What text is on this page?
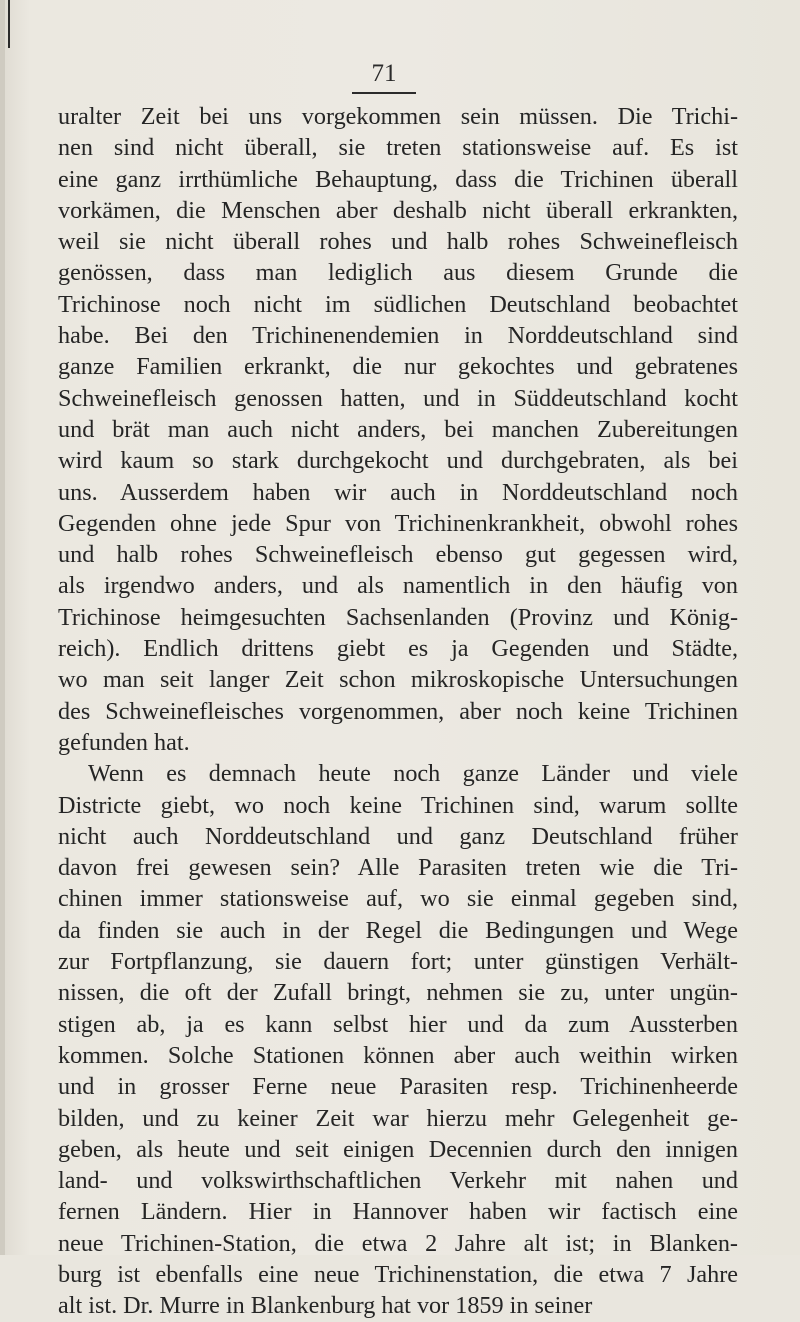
71
uralter Zeit bei uns vorgekommen sein müssen. Die Trichi-
nen sind nicht überall, sie treten stationsweise auf. Es ist
eine ganz irrthümliche Behauptung, dass die Trichinen überall
vorkämen, die Menschen aber deshalb nicht überall erkrankten,
weil sie nicht überall rohes und halb rohes Schweinefleisch
genössen, dass man lediglich aus diesem Grunde die
Trichinose noch nicht im südlichen Deutschland beobachtet
habe. Bei den Trichinenendemien in Norddeutschland sind
ganze Familien erkrankt, die nur gekochtes und gebratenes
Schweinefleisch genossen hatten, und in Süddeutschland kocht
und brät man auch nicht anders, bei manchen Zubereitungen
wird kaum so stark durchgekocht und durchgebraten, als bei
uns. Ausserdem haben wir auch in Norddeutschland noch
Gegenden ohne jede Spur von Trichinenkrankheit, obwohl rohes
und halb rohes Schweinefleisch ebenso gut gegessen wird,
als irgendwo anders, und als namentlich in den häufig von
Trichinose heimgesuchten Sachsenlanden (Provinz und König-
reich). Endlich drittens giebt es ja Gegenden und Städte,
wo man seit langer Zeit schon mikroskopische Untersuchungen
des Schweinefleisches vorgenommen, aber noch keine Trichinen
gefunden hat.
Wenn es demnach heute noch ganze Länder und viele
Districte giebt, wo noch keine Trichinen sind, warum sollte
nicht auch Norddeutschland und ganz Deutschland früher
davon frei gewesen sein? Alle Parasiten treten wie die Tri-
chinen immer stationsweise auf, wo sie einmal gegeben sind,
da finden sie auch in der Regel die Bedingungen und Wege
zur Fortpflanzung, sie dauern fort; unter günstigen Verhält-
nissen, die oft der Zufall bringt, nehmen sie zu, unter ungün-
stigen ab, ja es kann selbst hier und da zum Aussterben
kommen. Solche Stationen können aber auch weithin wirken
und in grosser Ferne neue Parasiten resp. Trichinenheerde
bilden, und zu keiner Zeit war hierzu mehr Gelegenheit ge-
geben, als heute und seit einigen Decennien durch den innigen
land- und volkswirthschaftlichen Verkehr mit nahen und
fernen Ländern. Hier in Hannover haben wir factisch eine
neue Trichinen-Station, die etwa 2 Jahre alt ist; in Blanken-
burg ist ebenfalls eine neue Trichinenstation, die etwa 7 Jahre
alt ist. Dr. Murre in Blankenburg hat vor 1859 in seiner
